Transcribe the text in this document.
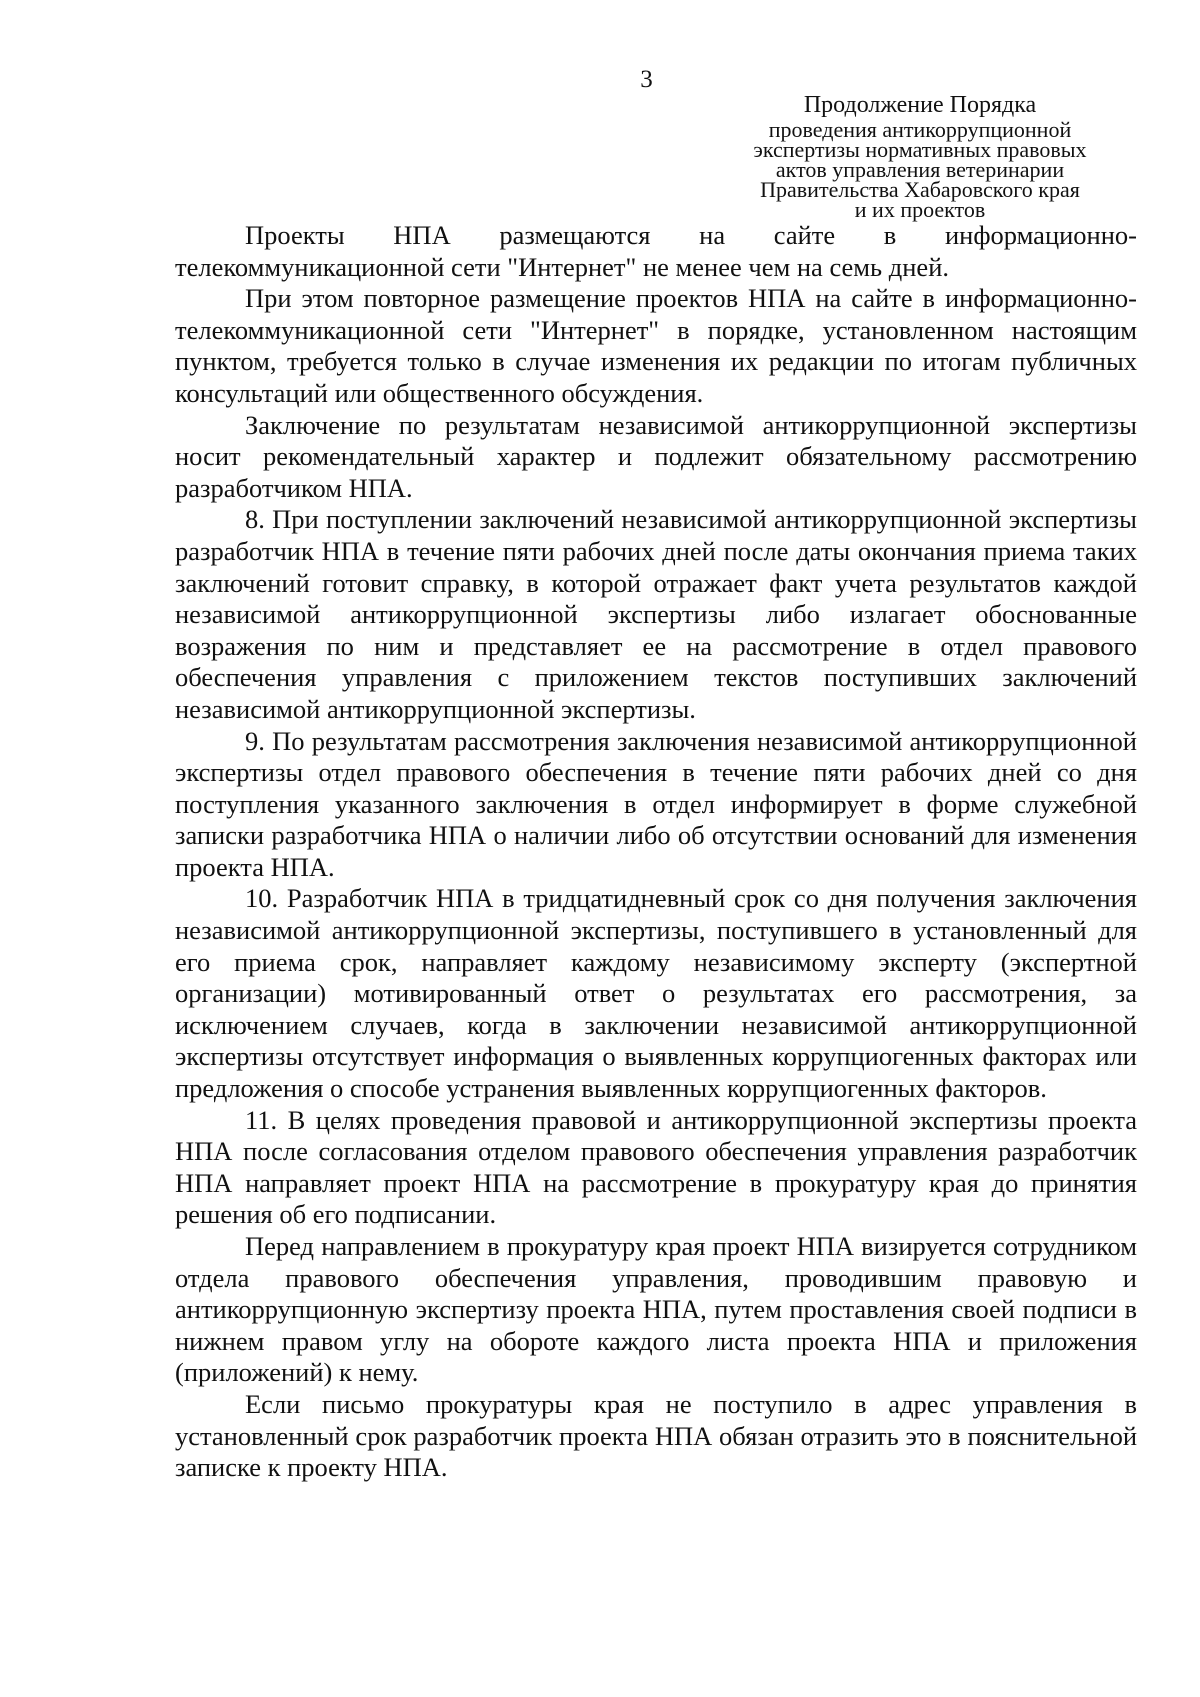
3
Продолжение Порядка
проведения антикоррупционной
экспертизы нормативных правовых
актов управления ветеринарии
Правительства Хабаровского края
и их проектов

Проекты НПА размещаются на сайте в информационно-телекоммуникационной сети "Интернет" не менее чем на семь дней.

При этом повторное размещение проектов НПА на сайте в информационно-телекоммуникационной сети "Интернет" в порядке, установленном настоящим пунктом, требуется только в случае изменения их редакции по итогам публичных консультаций или общественного обсуждения.

Заключение по результатам независимой антикоррупционной экспертизы носит рекомендательный характер и подлежит обязательному рассмотрению разработчиком НПА.

8. При поступлении заключений независимой антикоррупционной экспертизы разработчик НПА в течение пяти рабочих дней после даты окончания приема таких заключений готовит справку, в которой отражает факт учета результатов каждой независимой антикоррупционной экспертизы либо излагает обоснованные возражения по ним и представляет ее на рассмотрение в отдел правового обеспечения управления с приложением текстов поступивших заключений независимой антикоррупционной экспертизы.

9. По результатам рассмотрения заключения независимой антикоррупционной экспертизы отдел правового обеспечения в течение пяти рабочих дней со дня поступления указанного заключения в отдел информирует в форме служебной записки разработчика НПА о наличии либо об отсутствии оснований для изменения проекта НПА.

10. Разработчик НПА в тридцатидневный срок со дня получения заключения независимой антикоррупционной экспертизы, поступившего в установленный для его приема срок, направляет каждому независимому эксперту (экспертной организации) мотивированный ответ о результатах его рассмотрения, за исключением случаев, когда в заключении независимой антикоррупционной экспертизы отсутствует информация о выявленных коррупциогенных факторах или предложения о способе устранения выявленных коррупциогенных факторов.

11. В целях проведения правовой и антикоррупционной экспертизы проекта НПА после согласования отделом правового обеспечения управления разработчик НПА направляет проект НПА на рассмотрение в прокуратуру края до принятия решения об его подписании.

Перед направлением в прокуратуру края проект НПА визируется сотрудником отдела правового обеспечения управления, проводившим правовую и антикоррупционную экспертизу проекта НПА, путем проставления своей подписи в нижнем правом углу на обороте каждого листа проекта НПА и приложения (приложений) к нему.

Если письмо прокуратуры края не поступило в адрес управления в установленный срок разработчик проекта НПА обязан отразить это в пояснительной записке к проекту НПА.
